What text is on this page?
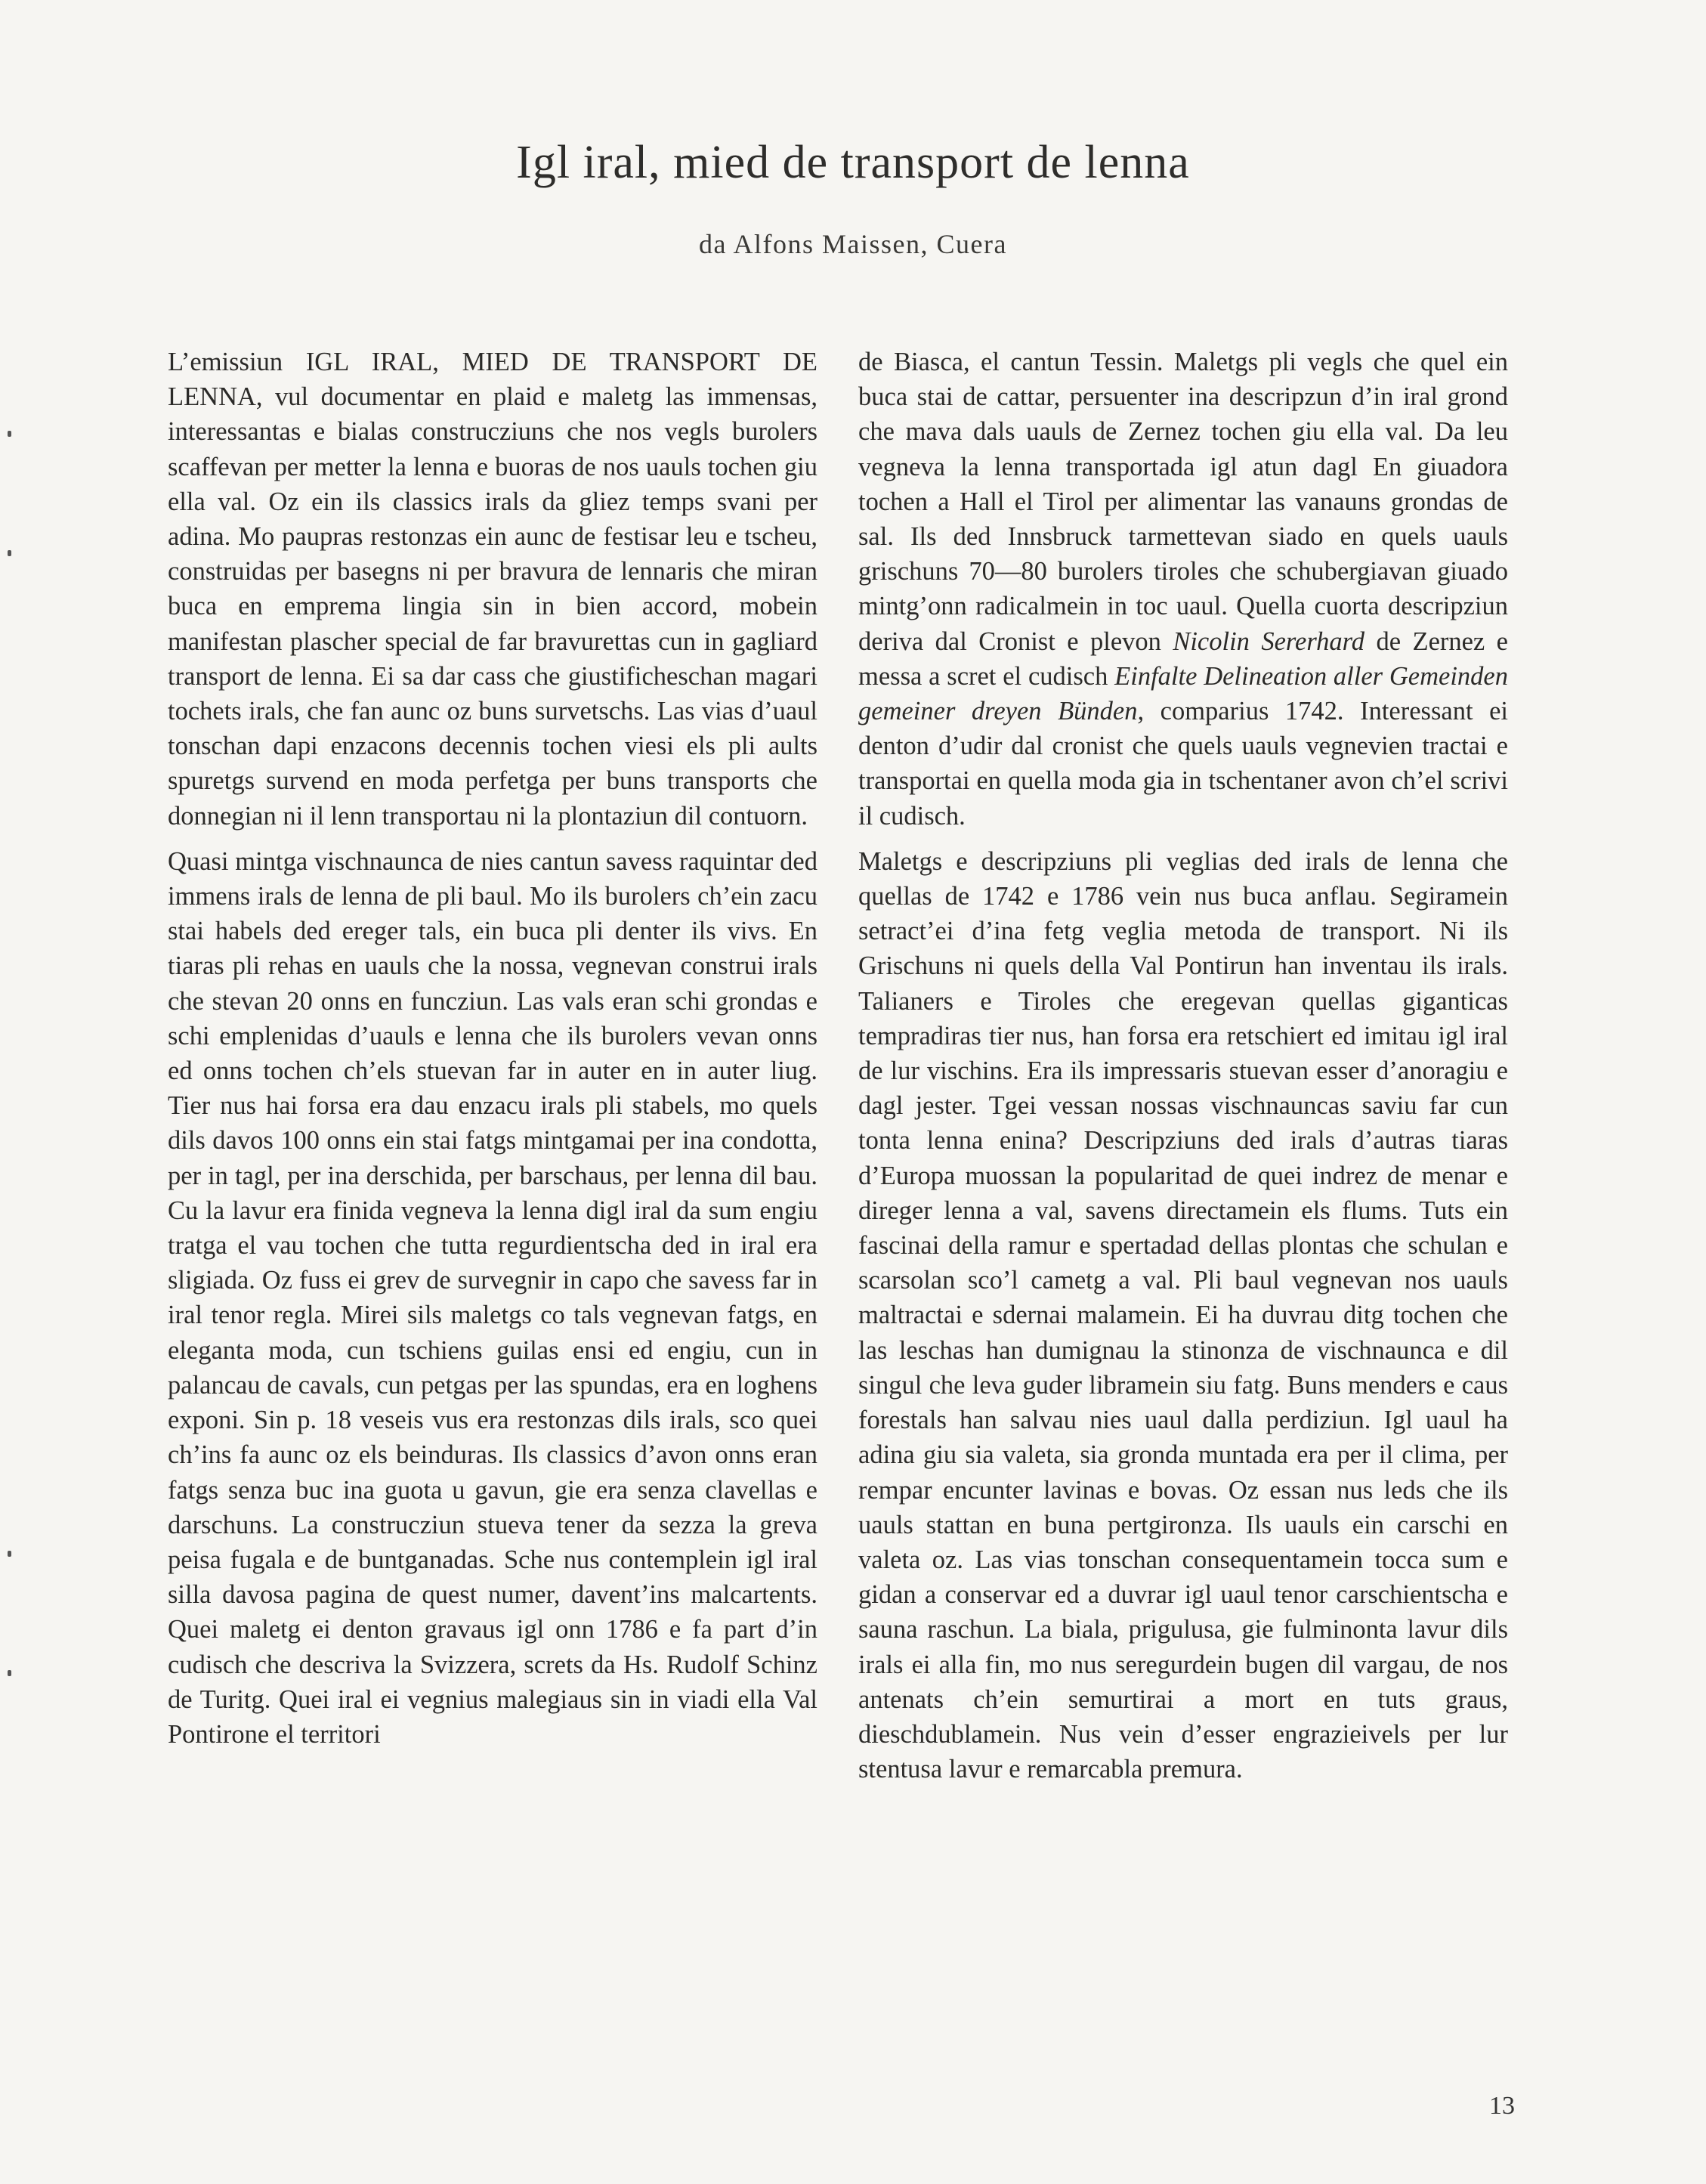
Igl iral, mied de transport de lenna
da Alfons Maissen, Cuera

L’emissiun IGL IRAL, MIED DE TRANSPORT DE LENNA, vul documentar en plaid e maletg las immensas, interessantas e bialas construcziuns che nos vegls burolers scaffevan per metter la lenna e buoras de nos uauls tochen giu ella val. Oz ein ils classics irals da gliez temps svani per adina. Mo paupras restonzas ein aunc de festisar leu e tscheu, construidas per basegns ni per bravura de lennaris che miran buca en emprema lingia sin in bien accord, mobein manifestan plascher special de far bravurettas cun in gagliard transport de lenna. Ei sa dar cass che giustificheschan magari tochets irals, che fan aunc oz buns survetschs. Las vias d’uaul tonschan dapi enzacons decennis tochen viesi els pli aults spuretgs survend en moda perfetga per buns transports che donnegian ni il lenn transportau ni la plontaziun dil contuorn.

Quasi mintga vischnaunca de nies cantun savess raquintar ded immens irals de lenna de pli baul. Mo ils burolers ch’ein zacu stai habels ded ereger tals, ein buca pli denter ils vivs. En tiaras pli rehas en uauls che la nossa, vegnevan construi irals che stevan 20 onns en funcziun. Las vals eran schi grondas e schi emplenidas d’uauls e lenna che ils burolers vevan onns ed onns tochen ch’els stuevan far in auter en in auter liug. Tier nus hai forsa era dau enzacu irals pli stabels, mo quels dils davos 100 onns ein stai fatgs mintgamai per ina condotta, per in tagl, per ina derschida, per barschaus, per lenna dil bau. Cu la lavur era finida vegneva la lenna digl iral da sum engiu tratga el vau tochen che tutta regurdientscha ded in iral era sligiada. Oz fuss ei grev de survegnir in capo che savess far in iral tenor regla. Mirei sils maletgs co tals vegnevan fatgs, en eleganta moda, cun tschiens guilas ensi ed engiu, cun in palancau de cavals, cun petgas per las spundas, era en loghens exponi. Sin p. 18 veseis vus era restonzas dils irals, sco quei ch’ins fa aunc oz els beinduras. Ils classics d’avon onns eran fatgs senza buc ina guota u gavun, gie era senza clavellas e darschuns. La construcziun stueva tener da sezza la greva peisa fugala e de buntganadas. Sche nus contemplein igl iral silla davosa pagina de quest numer, davent’ins malcartents. Quei maletg ei denton gravaus igl onn 1786 e fa part d’in cudisch che descriva la Svizzera, screts da Hs. Rudolf Schinz de Turitg. Quei iral ei vegnius malegiaus sin in viadi ella Val Pontirone el territori

de Biasca, el cantun Tessin. Maletgs pli vegls che quel ein buca stai de cattar, persuenter ina descripzun d’in iral grond che mava dals uauls de Zernez tochen giu ella val. Da leu vegneva la lenna transportada igl atun dagl En giuadora tochen a Hall el Tirol per alimentar las vanauns grondas de sal. Ils ded Innsbruck tarmettevan siado en quels uauls grischuns 70—80 burolers tiroles che schubergiavan giuado mintg’onn radicalmein in toc uaul. Quella cuorta descripziun deriva dal Cronist e plevon Nicolin Sererhard de Zernez e messa a scret el cudisch Einfalte Delineation aller Gemeinden gemeiner dreyen Bünden, comparius 1742. Interessant ei denton d’udir dal cronist che quels uauls vegnevien tractai e transportai en quella moda gia in tschentaner avon ch’el scrivi il cudisch.

Maletgs e descripziuns pli veglias ded irals de lenna che quellas de 1742 e 1786 vein nus buca anflau. Segiramein setract’ei d’ina fetg veglia metoda de transport. Ni ils Grischuns ni quels della Val Pontirun han inventau ils irals. Talianers e Tiroles che eregevan quellas giganticas tempradiras tier nus, han forsa era retschiert ed imitau igl iral de lur vischins. Era ils impressaris stuevan esser d’anoragiu e dagl jester. Tgei vessan nossas vischnauncas saviu far cun tonta lenna enina? Descripziuns ded irals d’autras tiaras d’Europa muossan la popularitad de quei indrez de menar e direger lenna a val, savens directamein els flums. Tuts ein fascinai della ramur e spertadad dellas plontas che schulan e scarsolan sco’l cametg a val. Pli baul vegnevan nos uauls maltractai e sdernai malamein. Ei ha duvrau ditg tochen che las leschas han dumignau la stinonza de vischnaunca e dil singul che leva guder libramein siu fatg. Buns menders e caus forestals han salvau nies uaul dalla perdiziun. Igl uaul ha adina giu sia valeta, sia gronda muntada era per il clima, per rempar encunter lavinas e bovas. Oz essan nus leds che ils uauls stattan en buna pertgironza. Ils uauls ein carschi en valeta oz. Las vias tonschan consequentamein tocca sum e gidan a conservar ed a duvrar igl uaul tenor carschientscha e sauna raschun. La biala, prigulusa, gie fulminonta lavur dils irals ei alla fin, mo nus seregurdein bugen dil vargau, de nos antenats ch’ein semurtirai a mort en tuts graus, dieschdublamein. Nus vein d’esser engrazieivels per lur stentusa lavur e remarcabla premura.

13
